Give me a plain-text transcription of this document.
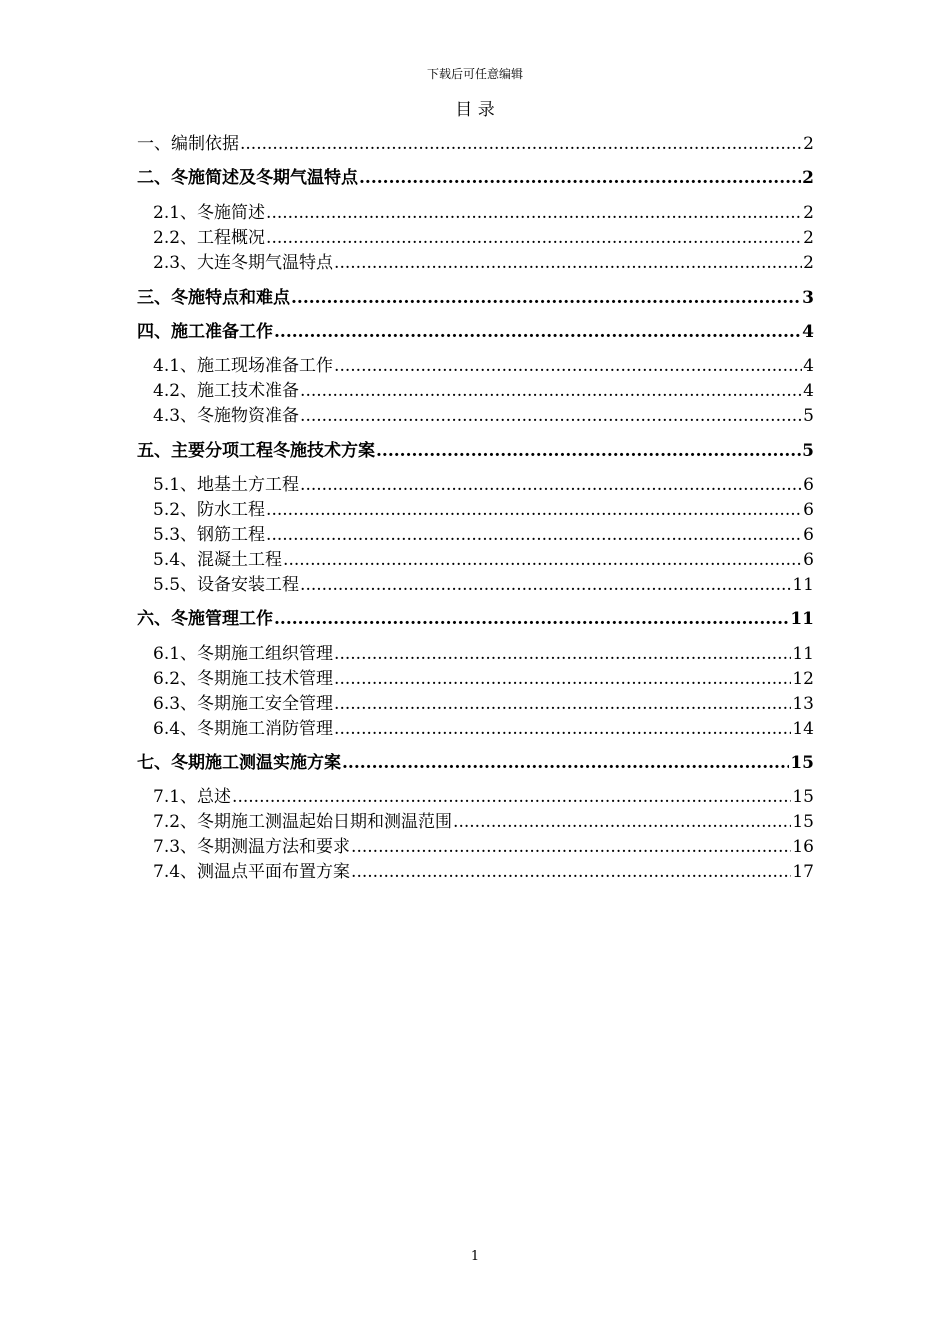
下载后可任意编辑
目 录
一、编制依据 .....	2
二、冬施简述及冬期气温特点 .....	2
2.1、冬施简述 .....	2
2.2、工程概况 .....	2
2.3、大连冬期气温特点 .....	2
三、冬施特点和难点 .....	3
四、施工准备工作 .....	4
4.1、施工现场准备工作 .....	4
4.2、施工技术准备 .....	4
4.3、冬施物资准备 .....	5
五、主要分项工程冬施技术方案 .....	5
5.1、地基土方工程 .....	6
5.2、防水工程 .....	6
5.3、钢筋工程 .....	6
5.4、混凝土工程 .....	6
5.5、设备安装工程 .....	11
六、冬施管理工作 .....	11
6.1、冬期施工组织管理 .....	11
6.2、冬期施工技术管理 .....	12
6.3、冬期施工安全管理 .....	13
6.4、冬期施工消防管理 .....	14
七、冬期施工测温实施方案 .....	15
7.1、总述 .....	15
7.2、冬期施工测温起始日期和测温范围 .....	15
7.3、冬期测温方法和要求 .....	16
7.4、测温点平面布置方案 .....	17
1
